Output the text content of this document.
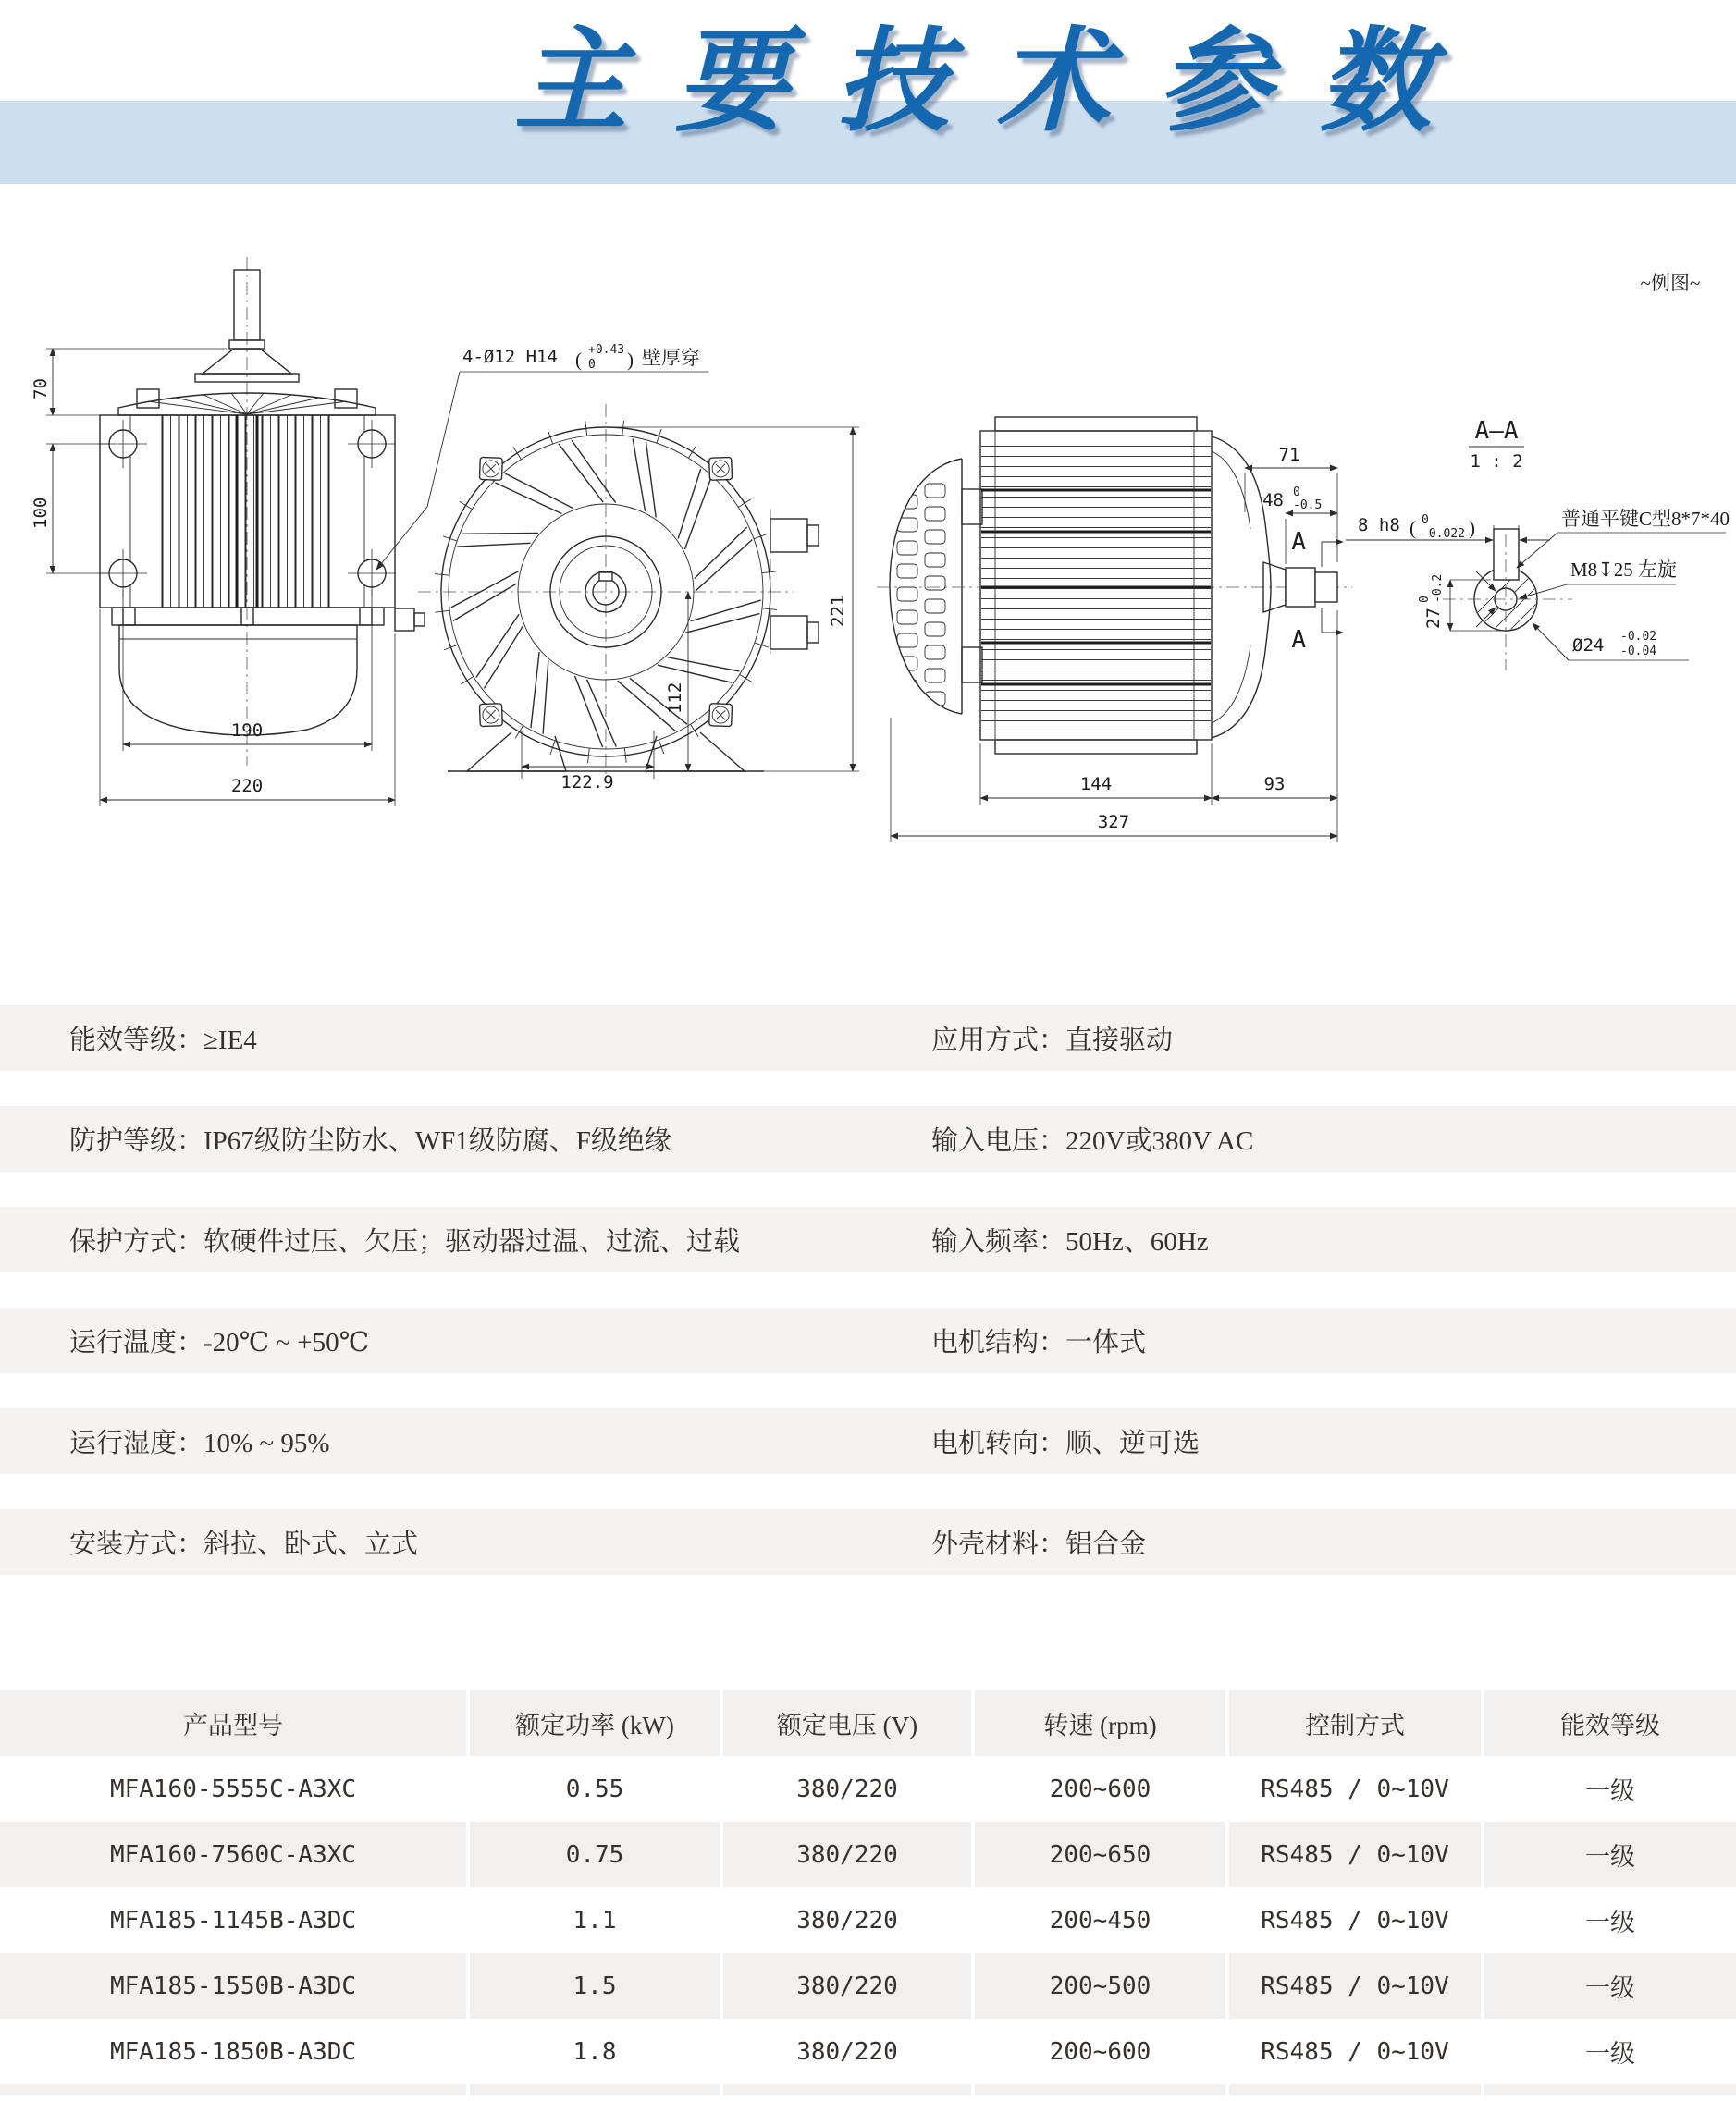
主要技术参数
~例图~
70
100
190
220
221
112
122.9
4-Ø12 H14 ( +0.43
0 ) 壁厚穿
A
A
71
48 0
-0.5
144	93
327
A—A
1 : 2
8 h8 ( 0
-0.022 )
27
0 -0.2
普通平键C型8*7*40
M8↧25 左旋
Ø24 -0.02
-0.04
能效等级：≥IE4	应用方式：直接驱动
防护等级：IP67级防尘防水、WF1级防腐、F级绝缘	输入电压：220V或380V AC
保护方式：软硬件过压、欠压；驱动器过温、过流、过载	输入频率：50Hz、60Hz
运行温度：-20℃ ~ +50℃	电机结构：一体式
运行湿度：10% ~ 95%	电机转向：顺、逆可选
安装方式：斜拉、卧式、立式	外壳材料：铝合金
产品型号	额定功率 (kW)	额定电压 (V)	转速 (rpm)	控制方式	能效等级
MFA160-5555C-A3XC	0.55	380/220	200~600	RS485 / 0~10V	一级
MFA160-7560C-A3XC	0.75	380/220	200~650	RS485 / 0~10V	一级
MFA185-1145B-A3DC	1.1	380/220	200~450	RS485 / 0~10V	一级
MFA185-1550B-A3DC	1.5	380/220	200~500	RS485 / 0~10V	一级
MFA185-1850B-A3DC	1.8	380/220	200~600	RS485 / 0~10V	一级
